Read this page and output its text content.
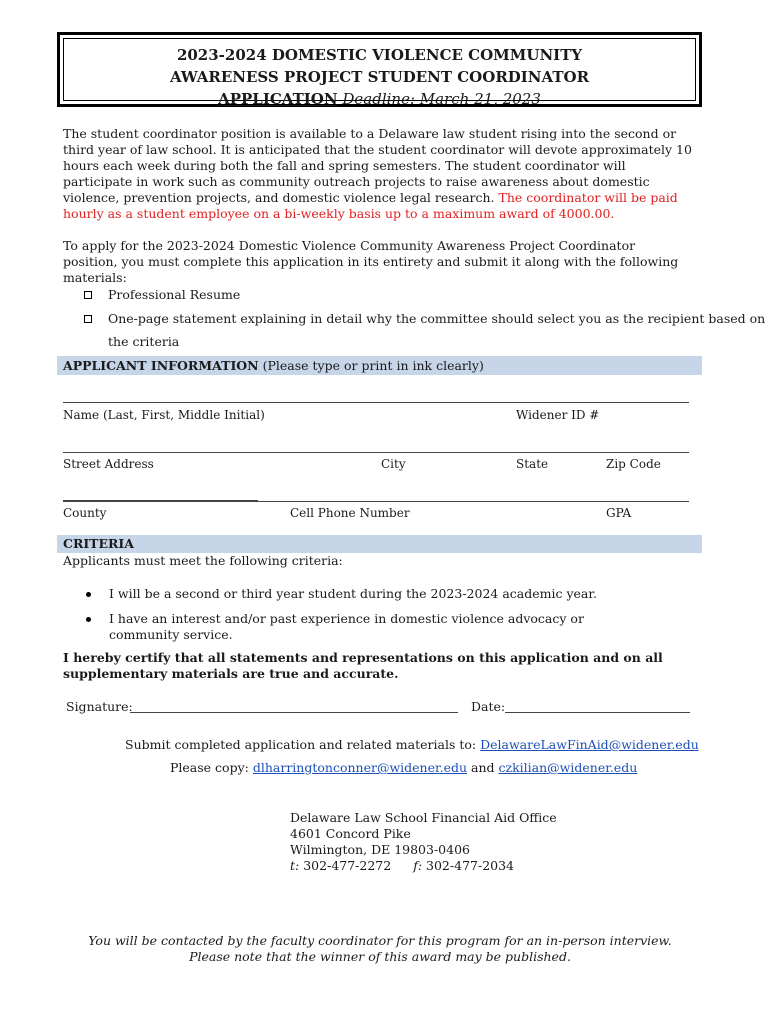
2023-2024 DOMESTIC VIOLENCE COMMUNITY
AWARENESS PROJECT STUDENT COORDINATOR
APPLICATION Deadline: March 21, 2023
The student coordinator position is available to a Delaware law student rising into the second or third year of law school. It is anticipated that the student coordinator will devote approximately 10 hours each week during both the fall and spring semesters. The student coordinator will participate in work such as community outreach projects to raise awareness about domestic violence, prevention projects, and domestic violence legal research. The coordinator will be paid hourly as a student employee on a bi-weekly basis up to a maximum award of 4000.00.
To apply for the 2023-2024 Domestic Violence Community Awareness Project Coordinator position, you must complete this application in its entirety and submit it along with the following materials:
Professional Resume
One-page statement explaining in detail why the committee should select you as the recipient based on
the criteria
APPLICANT INFORMATION (Please type or print in ink clearly)
Name (Last, First, Middle Initial)	Widener ID #
Street Address	City	State	Zip Code
County	Cell Phone Number	GPA
CRITERIA
Applicants must meet the following criteria:
I will be a second or third year student during the 2023-2024 academic year.
I have an interest and/or past experience in domestic violence advocacy or community service.
I hereby certify that all statements and representations on this application and on all supplementary materials are true and accurate.
Signature:	Date:
Submit completed application and related materials to: DelawareLawFinAid@widener.edu
Please copy: dlharringtonconner@widener.edu and czkilian@widener.edu
Delaware Law School Financial Aid Office
4601 Concord Pike
Wilmington, DE 19803-0406
t: 302-477-2272 f: 302-477-2034
You will be contacted by the faculty coordinator for this program for an in-person interview.
Please note that the winner of this award may be published.
